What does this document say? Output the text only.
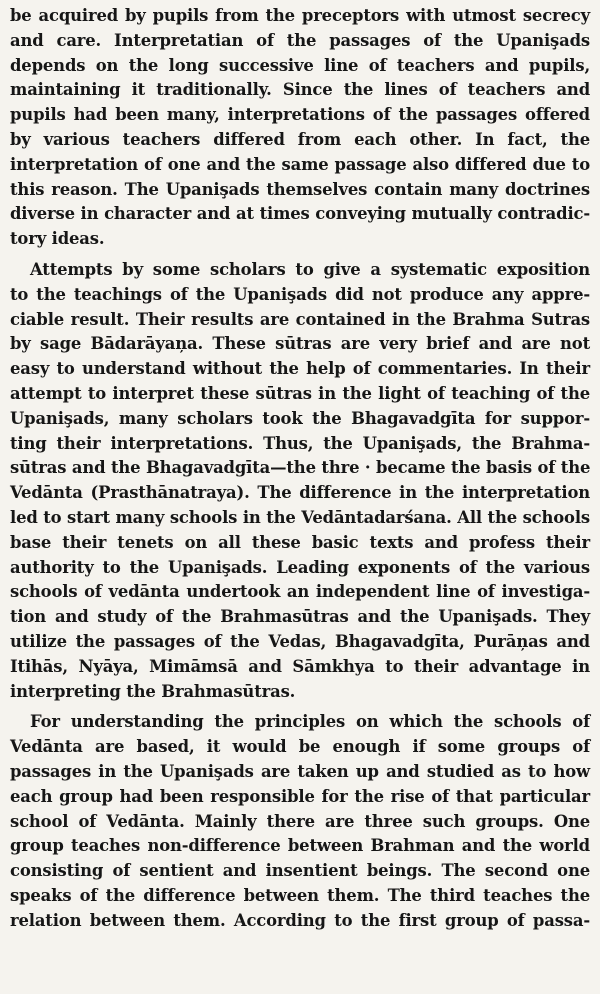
be acquired by pupils from the preceptors with utmost secrecy
and care. Interpretatian of the passages of the Upanişads
depends on the long successive line of teachers and pupils,
maintaining it traditionally. Since the lines of teachers and
pupils had been many, interpretations of the passages offered
by various teachers differed from each other. In fact, the
interpretation of one and the same passage also differed due to
this reason. The Upanişads themselves contain many doctrines
diverse in character and at times conveying mutually contradic-
tory ideas.

Attempts by some scholars to give a systematic exposition
to the teachings of the Upanişads did not produce any appre-
ciable result. Their results are contained in the Brahma Sutras
by sage Bādarāyaņa. These sūtras are very brief and are not
easy to understand without the help of commentaries. In their
attempt to interpret these sūtras in the light of teaching of the
Upanişads, many scholars took the Bhagavadgīta for suppor-
ting their interpretations. Thus, the Upanişads, the Brahma-
sūtras and the Bhagavadgīta—the thre · became the basis of the
Vedānta (Prasthānatraya). The difference in the interpretation
led to start many schools in the Vedāntadarśana. All the schools
base their tenets on all these basic texts and profess their
authority to the Upanişads. Leading exponents of the various
schools of vedānta undertook an independent line of investiga-
tion and study of the Brahmasūtras and the Upanişads. They
utilize the passages of the Vedas, Bhagavadgīta, Purāņas and
Itihās, Nyāya, Mimāmsā and Sāmkhya to their advantage in
interpreting the Brahmasūtras.

For understanding the principles on which the schools of
Vedānta are based, it would be enough if some groups of
passages in the Upanişads are taken up and studied as to how
each group had been responsible for the rise of that particular
school of Vedānta. Mainly there are three such groups. One
group teaches non-difference between Brahman and the world
consisting of sentient and insentient beings. The second one
speaks of the difference between them. The third teaches the
relation between them. According to the first group of passa-
